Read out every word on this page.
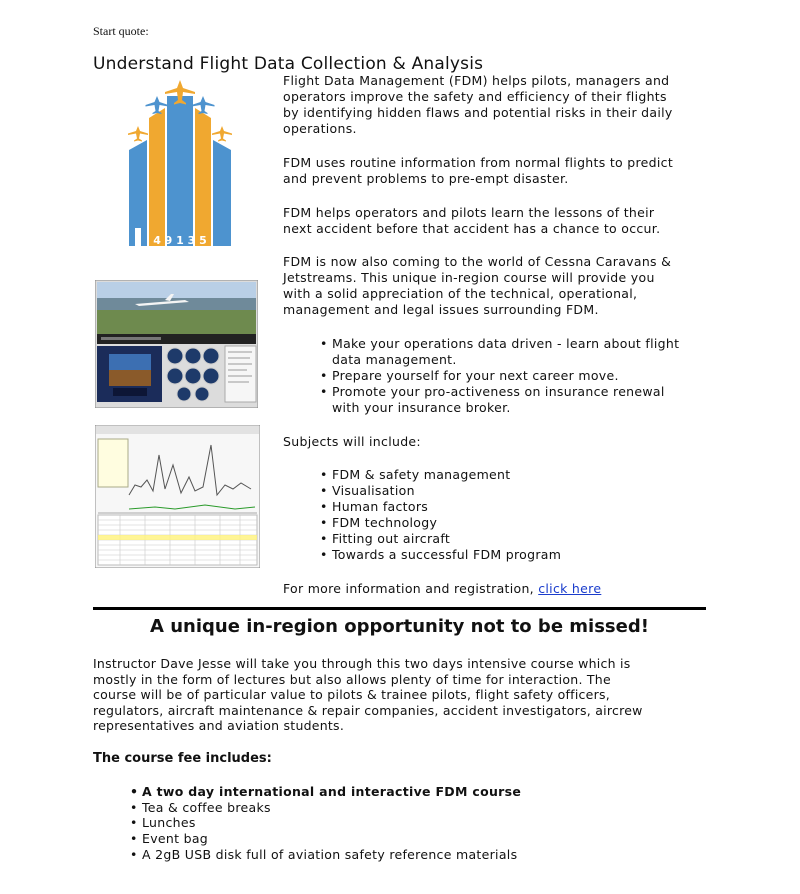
Start quote:
Understand Flight Data Collection & Analysis
4 9 1 3 5

Flight Data Management (FDM) helps pilots, managers and operators improve the safety and efficiency of their flights by identifying hidden flaws and potential risks in their daily operations.

FDM uses routine information from normal flights to predict and prevent problems to pre-empt disaster.

FDM helps operators and pilots learn the lessons of their next accident before that accident has a chance to occur.

FDM is now also coming to the world of Cessna Caravans & Jetstreams. This unique in-region course will provide you with a solid appreciation of the technical, operational, management and legal issues surrounding FDM.

• Make your operations data driven - learn about flight data management.
• Prepare yourself for your next career move.
• Promote your pro-activeness on insurance renewal with your insurance broker.
Subjects will include:
• FDM & safety management
• Visualisation
• Human factors
• FDM technology
• Fitting out aircraft
• Towards a successful FDM program
For more information and registration, click here
A unique in-region opportunity not to be missed!

Instructor Dave Jesse will take you through this two days intensive course which is mostly in the form of lectures but also allows plenty of time for interaction. The course will be of particular value to pilots & trainee pilots, flight safety officers, regulators, aircraft maintenance & repair companies, accident investigators, aircrew representatives and aviation students.

The course fee includes:
• A two day international and interactive FDM course
• Tea & coffee breaks
• Lunches
• Event bag
• A 2gB USB disk full of aviation safety reference materials
